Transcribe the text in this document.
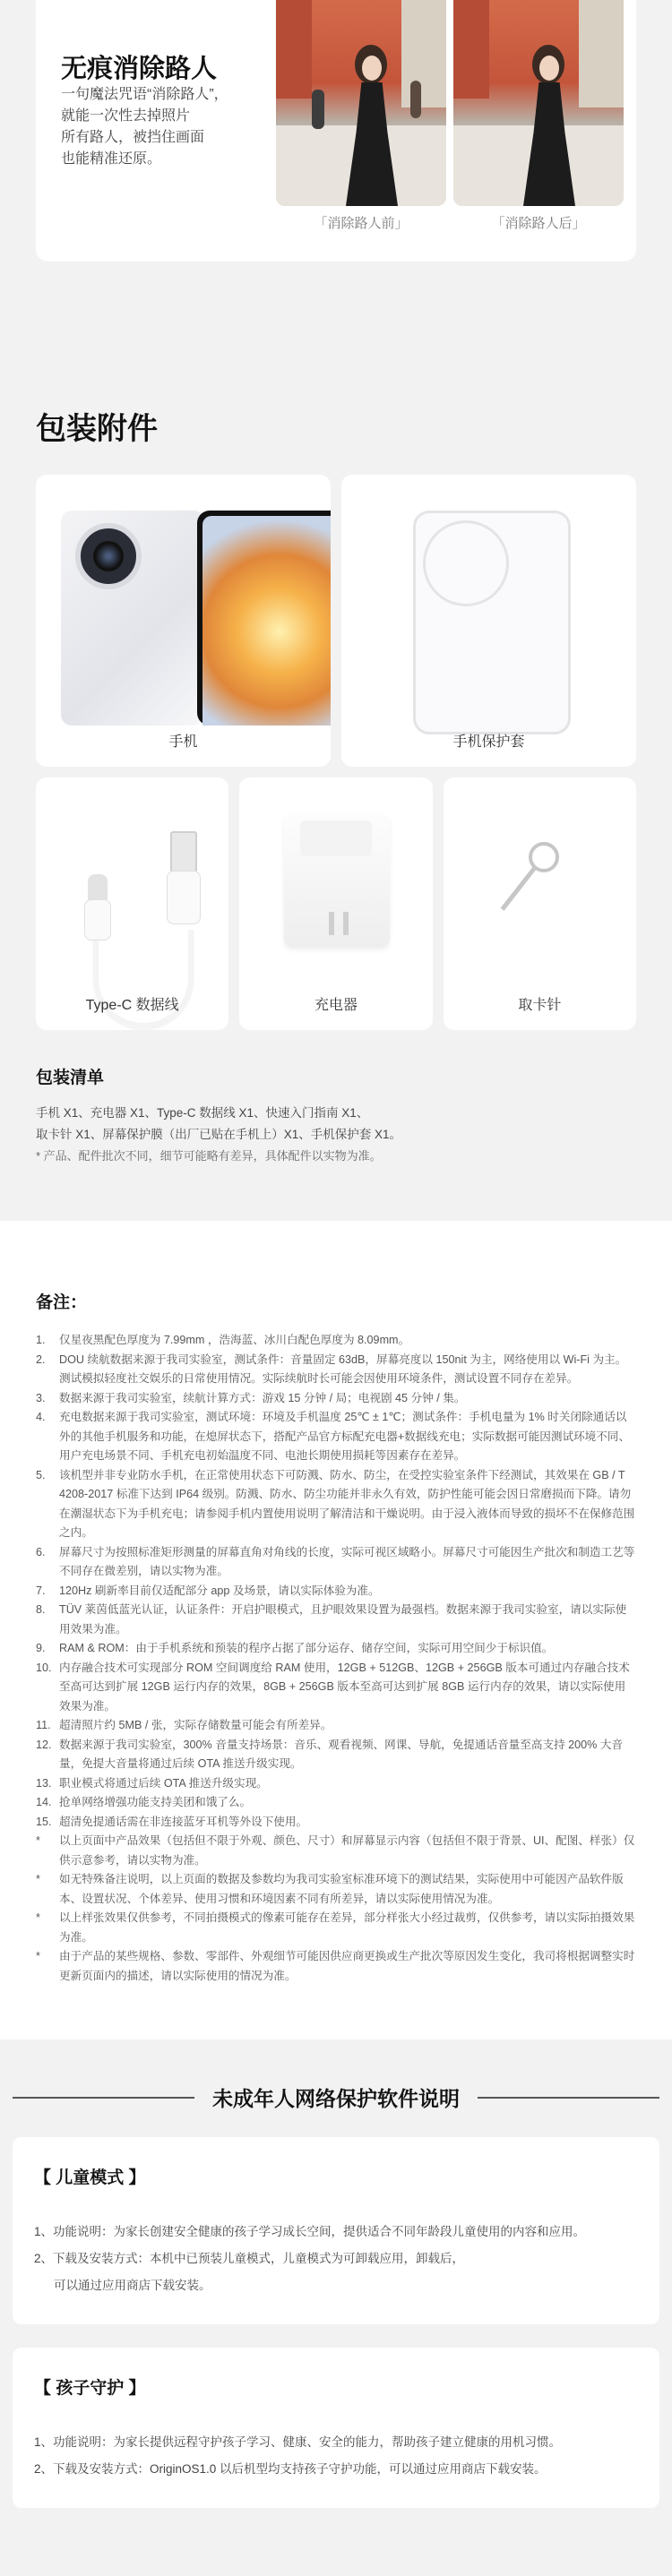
无痕消除路人
一句魔法咒语“消除路人”，
就能一次性去掉照片
所有路人，被挡住画面
也能精准还原。
「消除路人前」	「消除路人后」
包装附件
手机	手机保护套
Type-C 数据线	充电器	取卡针
包装清单
手机 X1、充电器 X1、Type-C 数据线 X1、快速入门指南 X1、
取卡针 X1、屏幕保护膜（出厂已贴在手机上）X1、手机保护套 X1。
* 产品、配件批次不同，细节可能略有差异，具体配件以实物为准。
备注：
1.	仅星夜黑配色厚度为 7.99mm ，浩海蓝、冰川白配色厚度为 8.09mm。
2.	DOU 续航数据来源于我司实验室，测试条件：音量固定 63dB，屏幕亮度以 150nit 为主，网络使用以 Wi-Fi 为主。测试模拟轻度社交娱乐的日常使用情况。实际续航时长可能会因使用环境条件，测试设置不同存在差异。
3.	数据来源于我司实验室，续航计算方式：游戏 15 分钟 / 局；电视剧 45 分钟 / 集。
4.	充电数据来源于我司实验室，测试环境：环境及手机温度 25℃ ± 1℃；测试条件：手机电量为 1% 时关闭除通话以外的其他手机服务和功能，在熄屏状态下，搭配产品官方标配充电器+数据线充电；实际数据可能因测试环境不同、用户充电场景不同、手机充电初始温度不同、电池长期使用损耗等因素存在差异。
5.	该机型并非专业防水手机，在正常使用状态下可防溅、防水、防尘，在受控实验室条件下经测试，其效果在 GB / T 4208-2017 标准下达到 IP64 级别。防溅、防水、防尘功能并非永久有效，防护性能可能会因日常磨损而下降。请勿在潮湿状态下为手机充电；请参阅手机内置使用说明了解清洁和干燥说明。由于浸入液体而导致的损坏不在保修范围之内。
6.	屏幕尺寸为按照标准矩形测量的屏幕直角对角线的长度，实际可视区域略小。屏幕尺寸可能因生产批次和制造工艺等不同存在微差别，请以实物为准。
7.	120Hz 刷新率目前仅适配部分 app 及场景，请以实际体验为准。
8.	TÜV 莱茵低蓝光认证，认证条件：开启护眼模式，且护眼效果设置为最强档。数据来源于我司实验室，请以实际使用效果为准。
9.	RAM & ROM：由于手机系统和预装的程序占据了部分运存、储存空间，实际可用空间少于标识值。
10. 内存融合技术可实现部分 ROM 空间调度给 RAM 使用，12GB + 512GB、12GB + 256GB 版本可通过内存融合技术至高可达到扩展 12GB 运行内存的效果，8GB + 256GB 版本至高可达到扩展 8GB 运行内存的效果，请以实际使用效果为准。
11. 超清照片约 5MB / 张，实际存储数量可能会有所差异。
12. 数据来源于我司实验室，300% 音量支持场景：音乐、观看视频、网课、导航，免提通话音量至高支持 200% 大音量，免提大音量将通过后续 OTA 推送升级实现。
13. 职业模式将通过后续 OTA 推送升级实现。
14. 抢单网络增强功能支持美团和饿了么。
15. 超清免提通话需在非连接蓝牙耳机等外设下使用。
*	以上页面中产品效果（包括但不限于外观、颜色、尺寸）和屏幕显示内容（包括但不限于背景、UI、配图、样张）仅供示意参考，请以实物为准。
*	如无特殊备注说明，以上页面的数据及参数均为我司实验室标准环境下的测试结果，实际使用中可能因产品软件版本、设置状况、个体差异、使用习惯和环境因素不同有所差异，请以实际使用情况为准。
*	以上样张效果仅供参考，不同拍摄模式的像素可能存在差异，部分样张大小经过裁剪，仅供参考，请以实际拍摄效果为准。
*	由于产品的某些规格、参数、零部件、外观细节可能因供应商更换或生产批次等原因发生变化，我司将根据调整实时更新页面内的描述，请以实际使用的情况为准。
未成年人网络保护软件说明
【 儿童模式 】
1、功能说明：为家长创建安全健康的孩子学习成长空间，提供适合不同年龄段儿童使用的内容和应用。
2、下载及安装方式：本机中已预装儿童模式，儿童模式为可卸载应用，卸载后，
可以通过应用商店下载安装。
【 孩子守护 】
1、功能说明：为家长提供远程守护孩子学习、健康、安全的能力，帮助孩子建立健康的用机习惯。
2、下载及安装方式：OriginOS1.0 以后机型均支持孩子守护功能，可以通过应用商店下载安装。
